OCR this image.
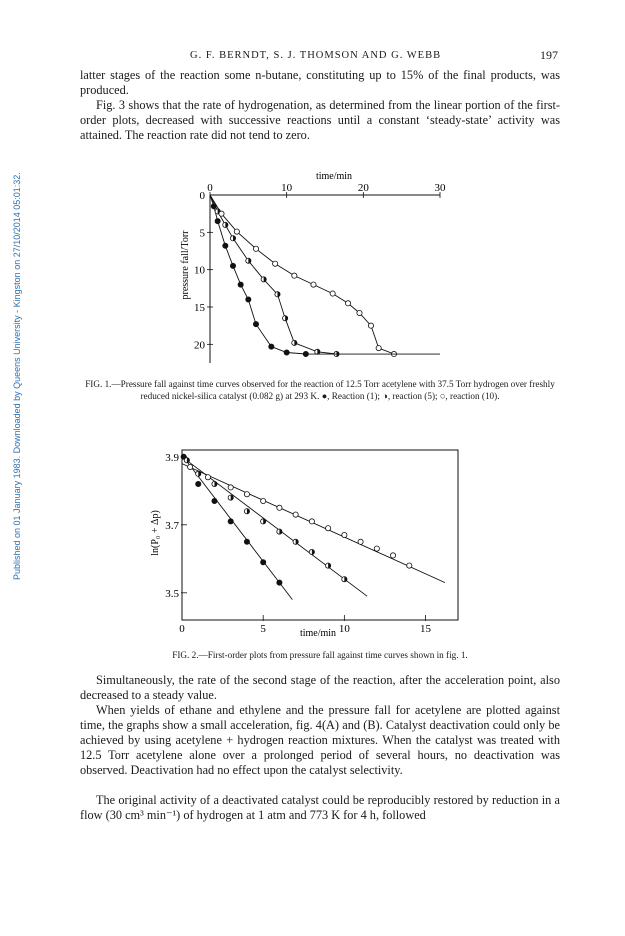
Published on 01 January 1983. Downloaded by Queens University - Kingston on 27/10/2014 05:01:32.
G. F. BERNDT, S. J. THOMSON AND G. WEBB	197

latter stages of the reaction some n-butane, constituting up to 15% of the final products, was produced.

Fig. 3 shows that the rate of hydrogenation, as determined from the linear portion of the first-order plots, decreased with successive reactions until a constant ‘steady-state’ activity was attained. The reaction rate did not tend to zero.

time/min
pressure fall/Torr
0	10	20	30
0
5
10
15
20

FIG. 1.—Pressure fall against time curves observed for the reaction of 12.5 Torr acetylene with 37.5 Torr hydrogen over freshly reduced nickel-silica catalyst (0.082 g) at 293 K. ●, Reaction (1); ◑, reaction (5); ○, reaction (10).

time/min
ln(P₀ + Δp)
0	5	10	15
3.9
3.7
3.5

FIG. 2.—First-order plots from pressure fall against time curves shown in fig. 1.

Simultaneously, the rate of the second stage of the reaction, after the acceleration point, also decreased to a steady value.

When yields of ethane and ethylene and the pressure fall for acetylene are plotted against time, the graphs show a small acceleration, fig. 4(A) and (B). Catalyst deactivation could only be achieved by using acetylene + hydrogen reaction mixtures. When the catalyst was treated with 12.5 Torr acetylene alone over a prolonged period of several hours, no deactivation was observed. Deactivation had no effect upon the catalyst selectivity.

The original activity of a deactivated catalyst could be reproducibly restored by reduction in a flow (30 cm³ min⁻¹) of hydrogen at 1 atm and 773 K for 4 h, followed
